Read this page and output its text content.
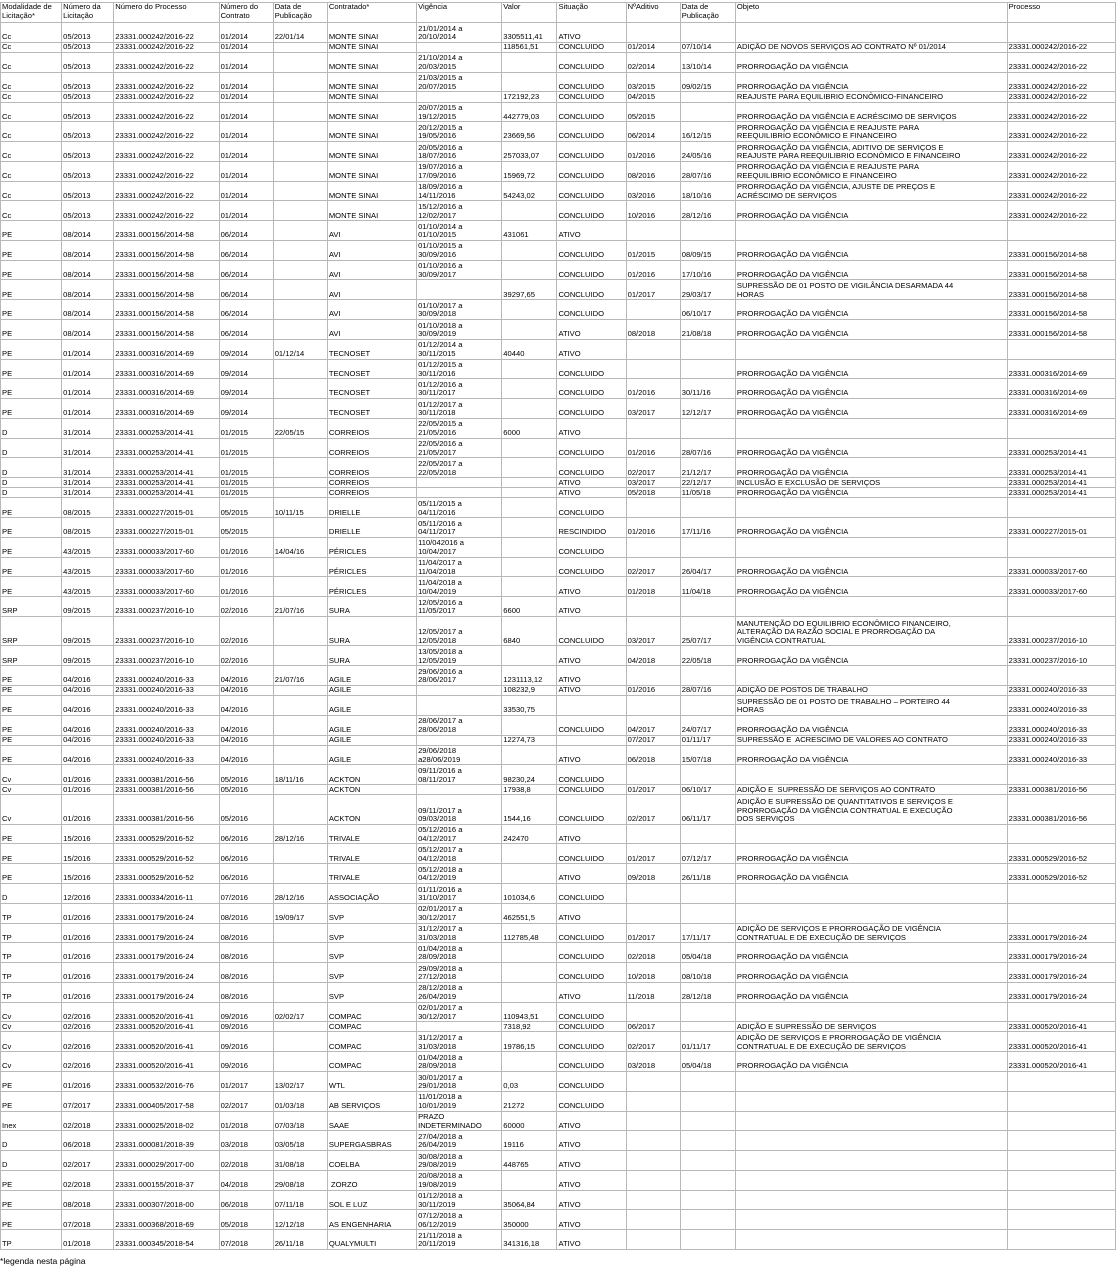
Modalidade de Licitação*	Número da Licitação	Número do Processo	Número do Contrato	Data de Publicação	Contratado*	Vigência	Valor	Situação	NºAditivo	Data de Publicação	Objeto	Processo
Cc	05/2013	23331.000242/2016-22	01/2014	22/01/14	MONTE SINAI	21/01/2014 a
20/10/2014	3305511,41	ATIVO				
Cc	05/2013	23331.000242/2016-22	01/2014		MONTE SINAI		118561,51	CONCLUIDO	01/2014	07/10/14	ADIÇÃO DE NOVOS SERVIÇOS AO CONTRATO Nº 01/2014	23331.000242/2016-22
Cc	05/2013	23331.000242/2016-22	01/2014		MONTE SINAI	21/10/2014 a
20/03/2015		CONCLUIDO	02/2014	13/10/14	PRORROGAÇÃO DA VIGÊNCIA	23331.000242/2016-22
Cc	05/2013	23331.000242/2016-22	01/2014		MONTE SINAI	21/03/2015 a
20/07/2015		CONCLUIDO	03/2015	09/02/15	PRORROGAÇÃO DA VIGÊNCIA	23331.000242/2016-22
Cc	05/2013	23331.000242/2016-22	01/2014		MONTE SINAI		172192,23	CONCLUIDO	04/2015		REAJUSTE PARA EQUILIBRIO ECONÔMICO-FINANCEIRO	23331.000242/2016-22
Cc	05/2013	23331.000242/2016-22	01/2014		MONTE SINAI	20/07/2015 a
19/12/2015	442779,03	CONCLUIDO	05/2015		PRORROGAÇÃO DA VIGÊNCIA E ACRÉSCIMO DE SERVIÇOS	23331.000242/2016-22
Cc	05/2013	23331.000242/2016-22	01/2014		MONTE SINAI	20/12/2015 a
19/05/2016	23669,56	CONCLUIDO	06/2014	16/12/15	PRORROGAÇÃO DA VIGÊNCIA E REAJUSTE PARA
REEQUILIBRIO ECONÔMICO E FINANCEIRO	23331.000242/2016-22
Cc	05/2013	23331.000242/2016-22	01/2014		MONTE SINAI	20/05/2016 a
18/07/2016	257033,07	CONCLUIDO	01/2016	24/05/16	PRORROGAÇÃO DA VIGÊNCIA, ADITIVO DE SERVIÇOS E
REAJUSTE PARA REEQUILIBRIO ECONÔMICO E FINANCEIRO	23331.000242/2016-22
Cc	05/2013	23331.000242/2016-22	01/2014		MONTE SINAI	19/07/2016 a
17/09/2016	15969,72	CONCLUIDO	08/2016	28/07/16	PRORROGAÇÃO DA VIGÊNCIA E REAJUSTE PARA
REEQUILIBRIO ECONÔMICO E FINANCEIRO	23331.000242/2016-22
Cc	05/2013	23331.000242/2016-22	01/2014		MONTE SINAI	18/09/2016 a
14/11/2016	54243,02	CONCLUIDO	03/2016	18/10/16	PRORROGAÇÃO DA VIGÊNCIA, AJUSTE DE PREÇOS E
ACRÉSCIMO DE SERVIÇOS	23331.000242/2016-22
Cc	05/2013	23331.000242/2016-22	01/2014		MONTE SINAI	15/12/2016 a
12/02/2017		CONCLUIDO	10/2016	28/12/16	PRORROGAÇÃO DA VIGÊNCIA	23331.000242/2016-22
PE	08/2014	23331.000156/2014-58	06/2014		AVI	01/10/2014 a
01/10/2015	431061	ATIVO				
PE	08/2014	23331.000156/2014-58	06/2014		AVI	01/10/2015 a
30/09/2016		CONCLUIDO	01/2015	08/09/15	PRORROGAÇÃO DA VIGÊNCIA	23331.000156/2014-58
PE	08/2014	23331.000156/2014-58	06/2014		AVI	01/10/2016 a
30/09/2017		CONCLUIDO	01/2016	17/10/16	PRORROGAÇÃO DA VIGÊNCIA	23331.000156/2014-58
PE	08/2014	23331.000156/2014-58	06/2014		AVI		39297,65	CONCLUIDO	01/2017	29/03/17	SUPRESSÃO DE 01 POSTO DE VIGILÂNCIA DESARMADA 44
HORAS	23331.000156/2014-58
PE	08/2014	23331.000156/2014-58	06/2014		AVI	01/10/2017 a
30/09/2018		CONCLUIDO		06/10/17	PRORROGAÇÃO DA VIGÊNCIA	23331.000156/2014-58
PE	08/2014	23331.000156/2014-58	06/2014		AVI	01/10/2018 a
30/09/2019		ATIVO	08/2018	21/08/18	PRORROGAÇÃO DA VIGÊNCIA	23331.000156/2014-58
PE	01/2014	23331.000316/2014-69	09/2014	01/12/14	TECNOSET	01/12/2014 a
30/11/2015	40440	ATIVO				
PE	01/2014	23331.000316/2014-69	09/2014		TECNOSET	01/12/2015 a
30/11/2016		CONCLUIDO			PRORROGAÇÃO DA VIGÊNCIA	23331.000316/2014-69
PE	01/2014	23331.000316/2014-69	09/2014		TECNOSET	01/12/2016 a
30/11/2017		CONCLUIDO	01/2016	30/11/16	PRORROGAÇÃO DA VIGÊNCIA	23331.000316/2014-69
PE	01/2014	23331.000316/2014-69	09/2014		TECNOSET	01/12/2017 a
30/11/2018		CONCLUIDO	03/2017	12/12/17	PRORROGAÇÃO DA VIGÊNCIA	23331.000316/2014-69
D	31/2014	23331.000253/2014-41	01/2015	22/05/15	CORREIOS	22/05/2015 a
21/05/2016	6000	ATIVO				
D	31/2014	23331.000253/2014-41	01/2015		CORREIOS	22/05/2016 a
21/05/2017		CONCLUIDO	01/2016	28/07/16	PRORROGAÇÃO DA VIGÊNCIA	23331.000253/2014-41
D	31/2014	23331.000253/2014-41	01/2015		CORREIOS	22/05/2017 a
22/05/2018		CONCLUIDO	02/2017	21/12/17	PRORROGAÇÃO DA VIGÊNCIA	23331.000253/2014-41
D	31/2014	23331.000253/2014-41	01/2015		CORREIOS			ATIVO	03/2017	22/12/17	INCLUSÃO E EXCLUSÃO DE SERVIÇOS	23331.000253/2014-41
D	31/2014	23331.000253/2014-41	01/2015		CORREIOS			ATIVO	05/2018	11/05/18	PRORROGAÇÃO DA VIGÊNCIA	23331.000253/2014-41
PE	08/2015	23331.000227/2015-01	05/2015	10/11/15	DRIELLE	05/11/2015 a
04/11/2016		CONCLUIDO				
PE	08/2015	23331.000227/2015-01	05/2015		DRIELLE	05/11/2016 a
04/11/2017		RESCINDIDO	01/2016	17/11/16	PRORROGAÇÃO DA VIGÊNCIA	23331.000227/2015-01
PE	43/2015	23331.000033/2017-60	01/2016	14/04/16	PÉRICLES	110/042016 a
10/04/2017		CONCLUIDO				
PE	43/2015	23331.000033/2017-60	01/2016		PÉRICLES	11/04/2017 a
11/04/2018		CONCLUIDO	02/2017	26/04/17	PRORROGAÇÃO DA VIGÊNCIA	23331.000033/2017-60
PE	43/2015	23331.000033/2017-60	01/2016		PÉRICLES	11/04/2018 a
10/04/2019		ATIVO	01/2018	11/04/18	PRORROGAÇÃO DA VIGÊNCIA	23331.000033/2017-60
SRP	09/2015	23331.000237/2016-10	02/2016	21/07/16	SURA	12/05/2016 a
11/05/2017	6600	ATIVO				
SRP	09/2015	23331.000237/2016-10	02/2016		SURA	12/05/2017 a
12/05/2018	6840	CONCLUIDO	03/2017	25/07/17	MANUTENÇÃO DO EQUILIBRIO ECONÔMICO FINANCEIRO,
ALTERAÇÃO DA RAZÃO SOCIAL E PRORROGAÇÃO DA
VIGÊNCIA CONTRATUAL	23331.000237/2016-10
SRP	09/2015	23331.000237/2016-10	02/2016		SURA	13/05/2018 a
12/05/2019		ATIVO	04/2018	22/05/18	PRORROGAÇÃO DA VIGÊNCIA	23331.000237/2016-10
PE	04/2016	23331.000240/2016-33	04/2016	21/07/16	AGILE	29/06/2016 a
28/06/2017	1231113,12	ATIVO				
PE	04/2016	23331.000240/2016-33	04/2016		AGILE		108232,9	ATIVO	01/2016	28/07/16	ADIÇÃO DE POSTOS DE TRABALHO	23331.000240/2016-33
PE	04/2016	23331.000240/2016-33	04/2016		AGILE		33530,75				SUPRESSÃO DE 01 POSTO DE TRABALHO – PORTEIRO 44
HORAS	23331.000240/2016-33
PE	04/2016	23331.000240/2016-33	04/2016		AGILE	28/06/2017 a
28/06/2018		CONCLUIDO	04/2017	24/07/17	PRORROGAÇÃO DA VIGÊNCIA	23331.000240/2016-33
PE	04/2016	23331.000240/2016-33	04/2016		AGILE		12274,73		07/2017	01/11/17	SUPRESSÃO E  ACRESCIMO DE VALORES AO CONTRATO	23331.000240/2016-33
PE	04/2016	23331.000240/2016-33	04/2016		AGILE	29/06/2018
a28/06/2019		ATIVO	06/2018	15/07/18	PRORROGAÇÃO DA VIGÊNCIA	23331.000240/2016-33
Cv	01/2016	23331.000381/2016-56	05/2016	18/11/16	ACKTON	09/11/2016 a
08/11/2017	98230,24	CONCLUIDO				
Cv	01/2016	23331.000381/2016-56	05/2016		ACKTON		17938,8	CONCLUIDO	01/2017	06/10/17	ADIÇÃO E  SUPRESSÃO DE SERVIÇOS AO CONTRATO	23331.000381/2016-56
Cv	01/2016	23331.000381/2016-56	05/2016		ACKTON	09/11/2017 a
09/03/2018	1544,16	CONCLUIDO	02/2017	06/11/17	ADIÇÃO E SUPRESSÃO DE QUANTITATIVOS E SERVIÇOS E
PRORROGAÇÃO DA VIGÊNCIA CONTRATUAL E EXECUÇÃO
DOS SERVIÇOS	23331.000381/2016-56
PE	15/2016	23331.000529/2016-52	06/2016	28/12/16	TRIVALE	05/12/2016 a
04/12/2017	242470	ATIVO				
PE	15/2016	23331.000529/2016-52	06/2016		TRIVALE	05/12/2017 a
04/12/2018		CONCLUIDO	01/2017	07/12/17	PRORROGAÇÃO DA VIGÊNCIA	23331.000529/2016-52
PE	15/2016	23331.000529/2016-52	06/2016		TRIVALE	05/12/2018 a
04/12/2019		ATIVO	09/2018	26/11/18	PRORROGAÇÃO DA VIGÊNCIA	23331.000529/2016-52
D	12/2016	23331.000334/2016-11	07/2016	28/12/16	ASSOCIAÇÃO	01/11/2016 a
31/10/2017	101034,6	CONCLUIDO				
TP	01/2016	23331.000179/2016-24	08/2016	19/09/17	SVP	02/01/2017 a
30/12/2017	462551,5	ATIVO				
TP	01/2016	23331.000179/2016-24	08/2016		SVP	31/12/2017 a
31/03/2018	112785,48	CONCLUIDO	01/2017	17/11/17	ADIÇÃO DE SERVIÇOS E PRORROGAÇÃO DE VIGÊNCIA
CONTRATUAL E DE EXECUÇÃO DE SERVIÇOS	23331.000179/2016-24
TP	01/2016	23331.000179/2016-24	08/2016		SVP	01/04/2018 a
28/09/2018		CONCLUIDO	02/2018	05/04/18	PRORROGAÇÃO DA VIGÊNCIA	23331.000179/2016-24
TP	01/2016	23331.000179/2016-24	08/2016		SVP	29/09/2018 a
27/12/2018		CONCLUIDO	10/2018	08/10/18	PRORROGAÇÃO DA VIGÊNCIA	23331.000179/2016-24
TP	01/2016	23331.000179/2016-24	08/2016		SVP	28/12/2018 a
26/04/2019		ATIVO	11/2018	28/12/18	PRORROGAÇÃO DA VIGÊNCIA	23331.000179/2016-24
Cv	02/2016	23331.000520/2016-41	09/2016	02/02/17	COMPAC	02/01/2017 a
30/12/2017	110943,51	CONCLUIDO				
Cv	02/2016	23331.000520/2016-41	09/2016		COMPAC		7318,92	CONCLUIDO	06/2017		ADIÇÃO E SUPRESSÃO DE SERVIÇOS	23331.000520/2016-41
Cv	02/2016	23331.000520/2016-41	09/2016		COMPAC	31/12/2017 a
31/03/2018	19786,15	CONCLUIDO	02/2017	01/11/17	ADIÇÃO DE SERVIÇOS E PRORROGAÇÃO DE VIGÊNCIA
CONTRATUAL E DE EXECUÇÃO DE SERVIÇOS	23331.000520/2016-41
Cv	02/2016	23331.000520/2016-41	09/2016		COMPAC	01/04/2018 a
28/09/2018		CONCLUIDO	03/2018	05/04/18	PRORROGAÇÃO DA VIGÊNCIA	23331.000520/2016-41
PE	01/2016	23331.000532/2016-76	01/2017	13/02/17	WTL	30/01/2017 a
29/01/2018	0,03	CONCLUIDO				
PE	07/2017	23331.000405/2017-58	02/2017	01/03/18	AB SERVIÇOS	11/01/2018 a
10/01/2019	21272	CONCLUIDO				
Inex	02/2018	23331.000025/2018-02	01/2018	07/03/18	SAAE	PRAZO
INDETERMINADO	60000	ATIVO				
D	06/2018	23331.000081/2018-39	03/2018	03/05/18	SUPERGASBRAS	27/04/2018 a
26/04/2019	19116	ATIVO				
D	02/2017	23331.000029/2017-00	02/2018	31/08/18	COELBA	30/08/2018 a
29/08/2019	448765	ATIVO				
PE	02/2018	23331.000155/2018-37	04/2018	29/08/18	ZORZO	20/08/2018 a
19/08/2019		ATIVO				
PE	08/2018	23331.000307/2018-00	06/2018	07/11/18	SOL E LUZ	01/12/2018 a
30/11/2019	35064,84	ATIVO				
PE	07/2018	23331.000368/2018-69	05/2018	12/12/18	AS ENGENHARIA	07/12/2018 a
06/12/2019	350000	ATIVO				
TP	01/2018	23331.000345/2018-54	07/2018	26/11/18	QUALYMULTI	21/11/2018 a
20/11/2019	341316,18	ATIVO				
*legenda nesta página
